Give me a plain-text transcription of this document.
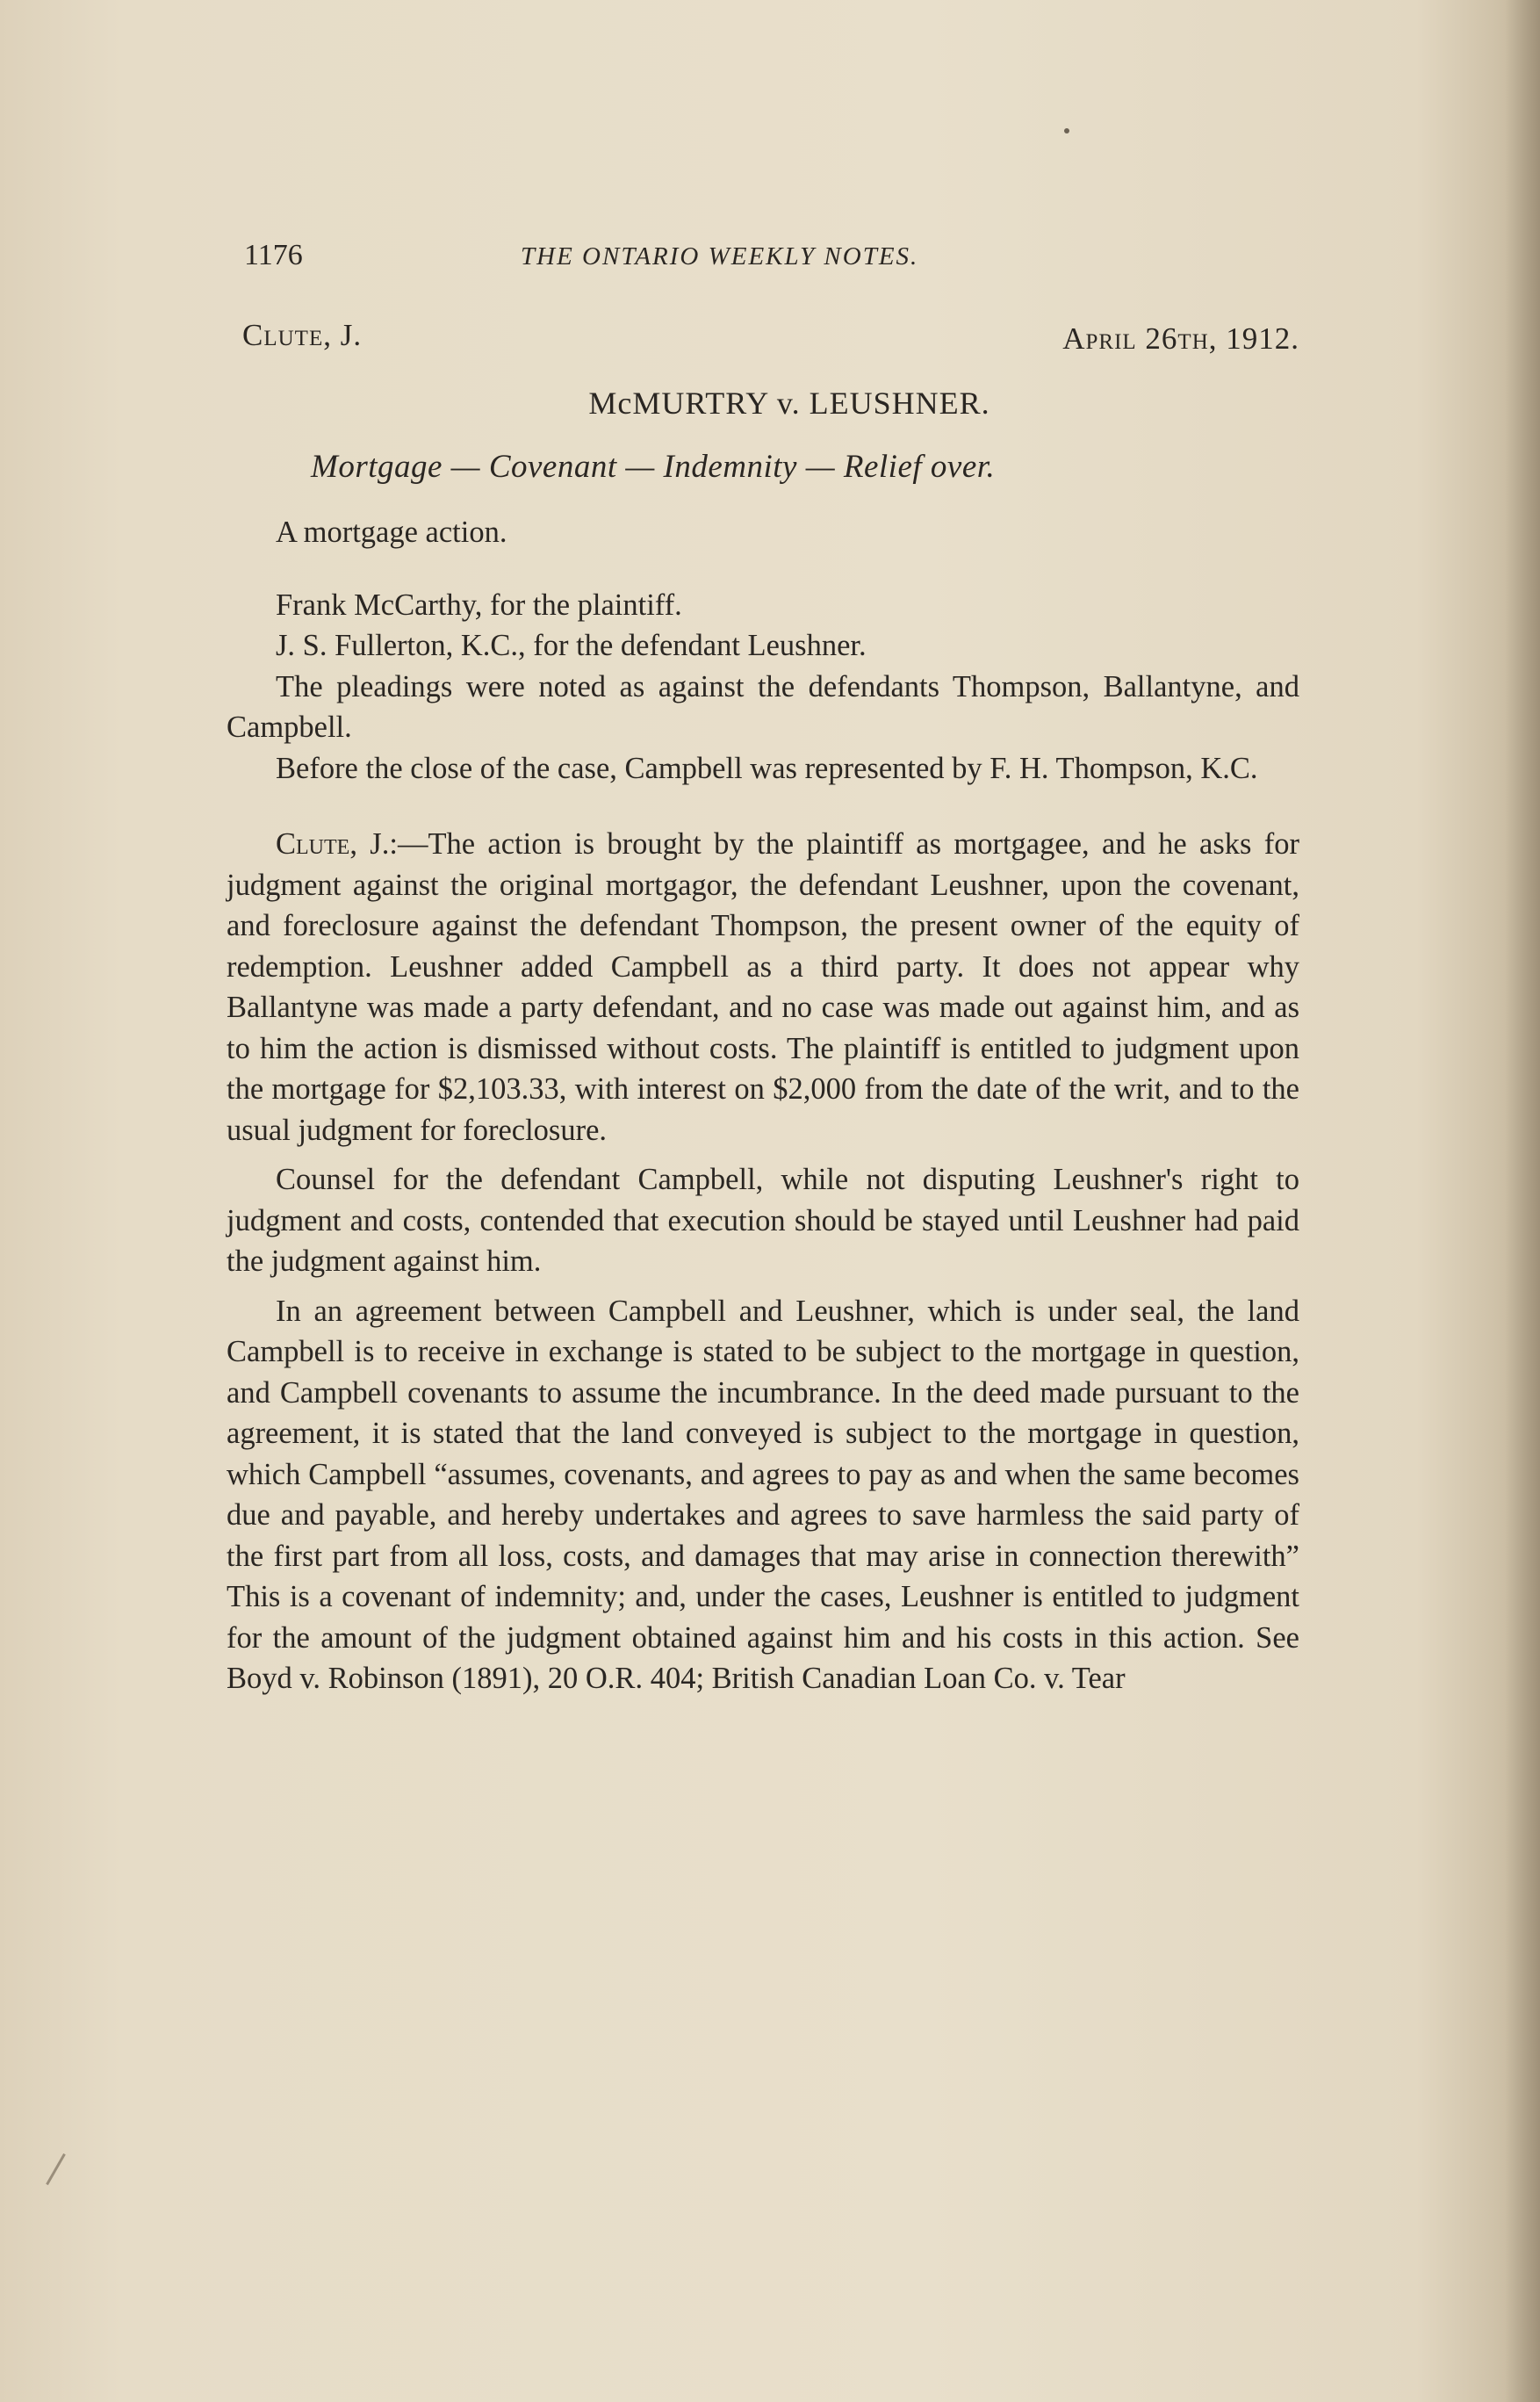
1176	THE ONTARIO WEEKLY NOTES.
Clute, J.	April 26th, 1912.
McMURTRY v. LEUSHNER.
Mortgage — Covenant — Indemnity — Relief over.

A mortgage action.

Frank McCarthy, for the plaintiff.

J. S. Fullerton, K.C., for the defendant Leushner.

The pleadings were noted as against the defendants Thompson, Ballantyne, and Campbell.

Before the close of the case, Campbell was represented by F. H. Thompson, K.C.

Clute, J.:—The action is brought by the plaintiff as mortgagee, and he asks for judgment against the original mortgagor, the defendant Leushner, upon the covenant, and foreclosure against the defendant Thompson, the present owner of the equity of redemption. Leushner added Campbell as a third party. It does not appear why Ballantyne was made a party defendant, and no case was made out against him, and as to him the action is dismissed without costs. The plaintiff is entitled to judgment upon the mortgage for $2,103.33, with interest on $2,000 from the date of the writ, and to the usual judgment for foreclosure.

Counsel for the defendant Campbell, while not disputing Leushner's right to judgment and costs, contended that execution should be stayed until Leushner had paid the judgment against him.

In an agreement between Campbell and Leushner, which is under seal, the land Campbell is to receive in exchange is stated to be subject to the mortgage in question, and Campbell covenants to assume the incumbrance. In the deed made pursuant to the agreement, it is stated that the land conveyed is subject to the mortgage in question, which Campbell “assumes, covenants, and agrees to pay as and when the same becomes due and payable, and hereby undertakes and agrees to save harmless the said party of the first part from all loss, costs, and damages that may arise in connection therewith” This is a covenant of indemnity; and, under the cases, Leushner is entitled to judgment for the amount of the judgment obtained against him and his costs in this action. See Boyd v. Robinson (1891), 20 O.R. 404; British Canadian Loan Co. v. Tear
